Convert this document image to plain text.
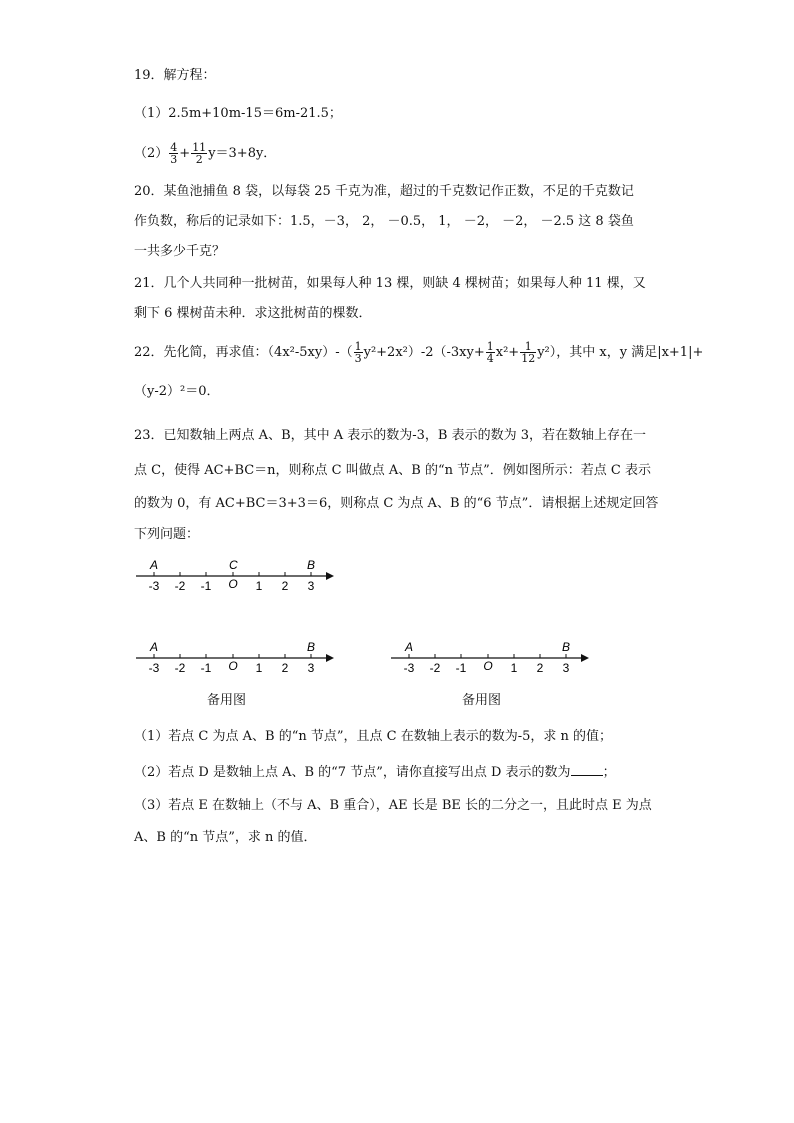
19．解方程：
（1）2.5m+10m-15＝6m-21.5；
$(2) \frac{4}{3} + \frac{11}{2} y=3+8y$．
20．某鱼池捕鱼 8 袋，以每袋 25 千克为准，超过的千克数记作正数，不足的千克数记
作负数，称后的记录如下：1.5，－3， 2， －0.5， 1， －2， －2， －2.5 这 8 袋鱼
一共多少千克？
21．几个人共同种一批树苗，如果每人种 13 棵，则缺 4 棵树苗；如果每人种 11 棵，又
剩下 6 棵树苗未种．求这批树苗的棵数．
22．先化简，再求值：$(4x^2-5xy)-( \frac{1}{3} y^2+2x^2)-2(-3xy+ \frac{1}{4} x^2+ \frac{1}{12} y^2)$，其中 x，y 满足|x+1|+
（y-2）²＝0．
23．已知数轴上两点 A、B，其中 A 表示的数为-3，B 表示的数为 3，若在数轴上存在一
点 C，使得 AC+BC＝n，则称点 C 叫做点 A、B 的“n 节点”．例如图所示：若点 C 表示
的数为 0，有 AC+BC＝3+3＝6，则称点 C 为点 A、B 的“6 节点”．请根据上述规定回答
下列问题：
A	C	B
-3 -2 -1 O 1 2 3
A	B
-3 -2 -1 O 1 2 3
A	B
-3 -2 -1 O 1 2 3
备用图	备用图
（1）若点 C 为点 A、B 的“n 节点”，且点 C 在数轴上表示的数为-5，求 n 的值；
（2）若点 D 是数轴上点 A、B 的“7 节点”，请你直接写出点 D 表示的数为 ；
（3）若点 E 在数轴上（不与 A、B 重合），AE 长是 BE 长的二分之一，且此时点 E 为点
A、B 的“n 节点”，求 n 的值．
